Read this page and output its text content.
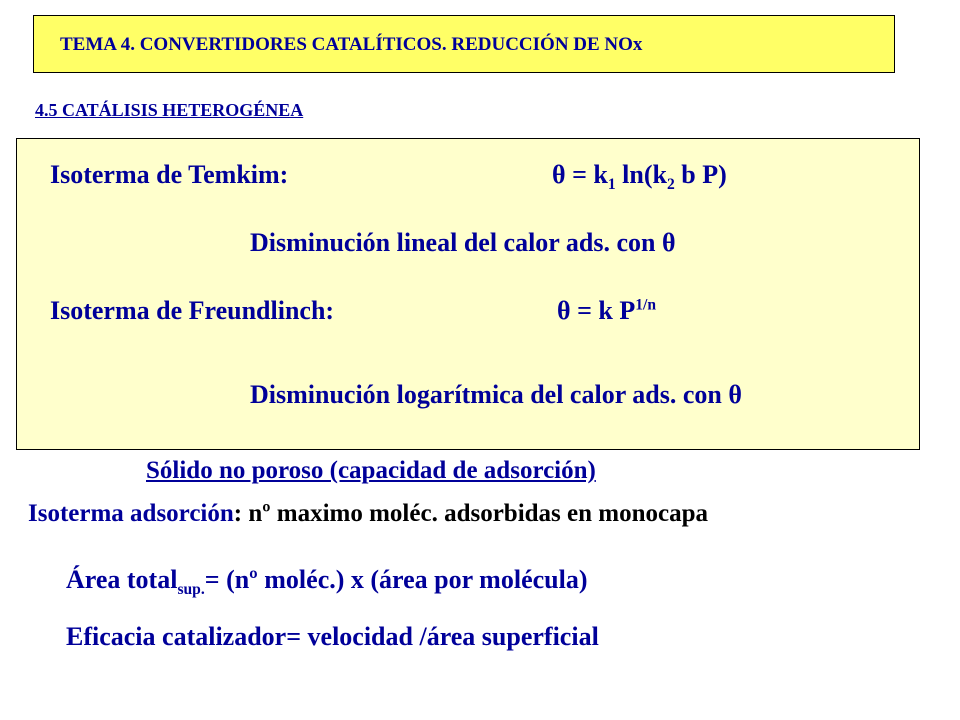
TEMA 4. CONVERTIDORES CATALÍTICOS. REDUCCIÓN DE NOx
4.5 CATÁLISIS HETEROGÉNEA
Isoterma de Temkim:	$\theta = k_1$ $\ln(k_2$ b P)
Disminución lineal del calor ads. con θ
Isoterma de Freundlinch:	θ = k $P^{1/n}$
Disminución logarítmica del calor ads. con θ
Sólido no poroso (capacidad de adsorción)
Isoterma adsorción: nº maximo moléc. adsorbidas en monocapa
Área total$_{sup.}$= (nº moléc.) x (área por molécula)
Eficacia catalizador= velocidad /área superficial
